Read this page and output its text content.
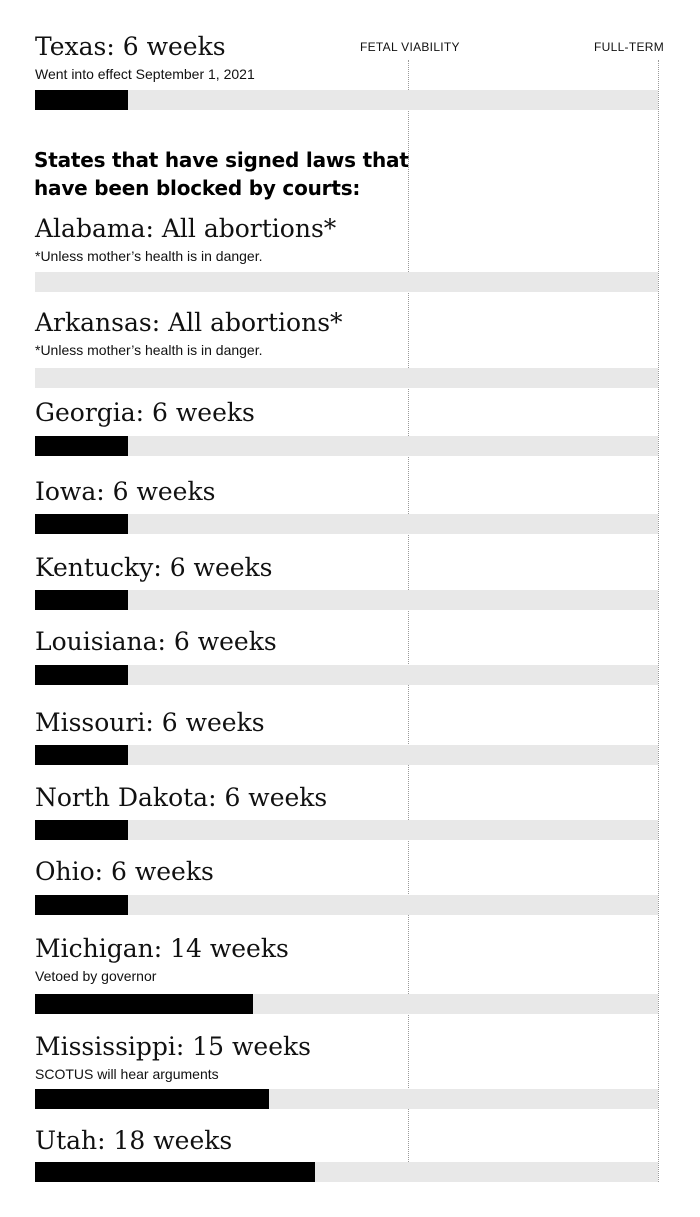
FETAL VIABILITY	FULL-TERM
States that have signed laws that have been blocked by courts:
Texas: 6 weeks
Went into effect September 1, 2021
Alabama: All abortions*
*Unless mother’s health is in danger.
Arkansas: All abortions*
*Unless mother’s health is in danger.
Georgia: 6 weeks
Iowa: 6 weeks
Kentucky: 6 weeks
Louisiana: 6 weeks
Missouri: 6 weeks
North Dakota: 6 weeks
Ohio: 6 weeks
Michigan: 14 weeks
Vetoed by governor
Mississippi: 15 weeks
SCOTUS will hear arguments
Utah: 18 weeks
